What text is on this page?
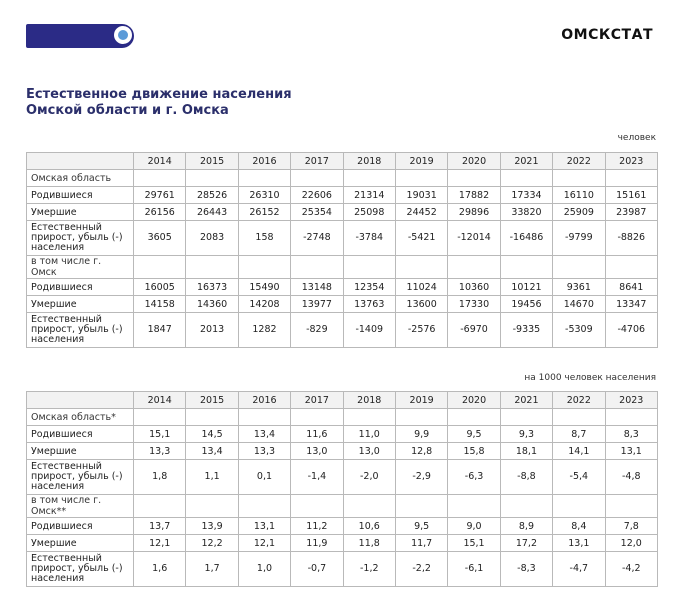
ОМСКСТАТ
Естественное движение населения
Омской области и г. Омска
человек
	2014	2015	2016	2017	2018	2019	2020	2021	2022	2023
Омская область										
Родившиеся	29761	28526	26310	22606	21314	19031	17882	17334	16110	15161
Умершие	26156	26443	26152	25354	25098	24452	29896	33820	25909	23987
Естественный прирост, убыль (-) населения	3605	2083	158	-2748	-3784	-5421	-12014	-16486	-9799	-8826
в том числе г. Омск										
Родившиеся	16005	16373	15490	13148	12354	11024	10360	10121	9361	8641
Умершие	14158	14360	14208	13977	13763	13600	17330	19456	14670	13347
Естественный прирост, убыль (-) населения	1847	2013	1282	-829	-1409	-2576	-6970	-9335	-5309	-4706
на 1000 человек населения
	2014	2015	2016	2017	2018	2019	2020	2021	2022	2023
Омская область*										
Родившиеся	15,1	14,5	13,4	11,6	11,0	9,9	9,5	9,3	8,7	8,3
Умершие	13,3	13,4	13,3	13,0	13,0	12,8	15,8	18,1	14,1	13,1
Естественный прирост, убыль (-) населения	1,8	1,1	0,1	-1,4	-2,0	-2,9	-6,3	-8,8	-5,4	-4,8
в том числе г. Омск**										
Родившиеся	13,7	13,9	13,1	11,2	10,6	9,5	9,0	8,9	8,4	7,8
Умершие	12,1	12,2	12,1	11,9	11,8	11,7	15,1	17,2	13,1	12,0
Естественный прирост, убыль (-) населения	1,6	1,7	1,0	-0,7	-1,2	-2,2	-6,1	-8,3	-4,7	-4,2
